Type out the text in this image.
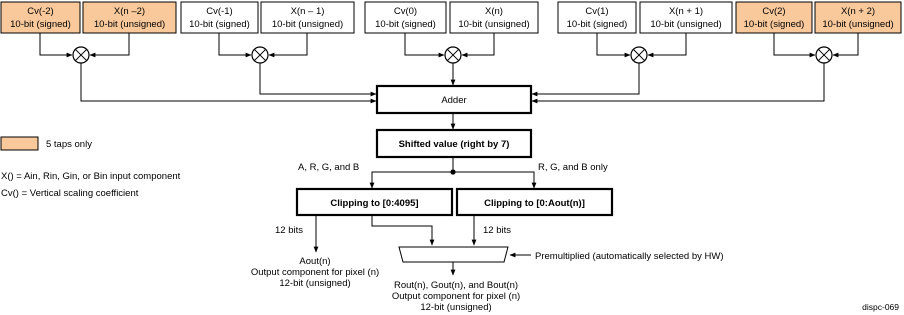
Cv(-2)
10-bit (signed)
X(n –2)
10-bit (unsigned)
Cv(-1)
10-bit (signed)
X(n – 1)
10-bit (unsigned)
Cv(0)
10-bit (signed)
X(n)
10-bit (unsigned)
Cv(1)
10-bit (signed)
X(n + 1)
10-bit (unsigned)
Cv(2)
10-bit (signed)
X(n + 2)
10-bit (unsigned)
Adder
Shifted value (right by 7)
A, R, G, and B	R, G, and B only
Clipping to [0:4095]	Clipping to [0:Aout(n)]
12 bits	12 bits
Premultiplied (automatically selected by HW)
Aout(n)
Output component for pixel (n)
12-bit (unsigned)	Rout(n), Gout(n), and Bout(n)
Output component for pixel (n)
12-bit (unsigned)
5 taps only
X() = Ain, Rin, Gin, or Bin input component
Cv() = Vertical scaling coefficient
dispc-069
